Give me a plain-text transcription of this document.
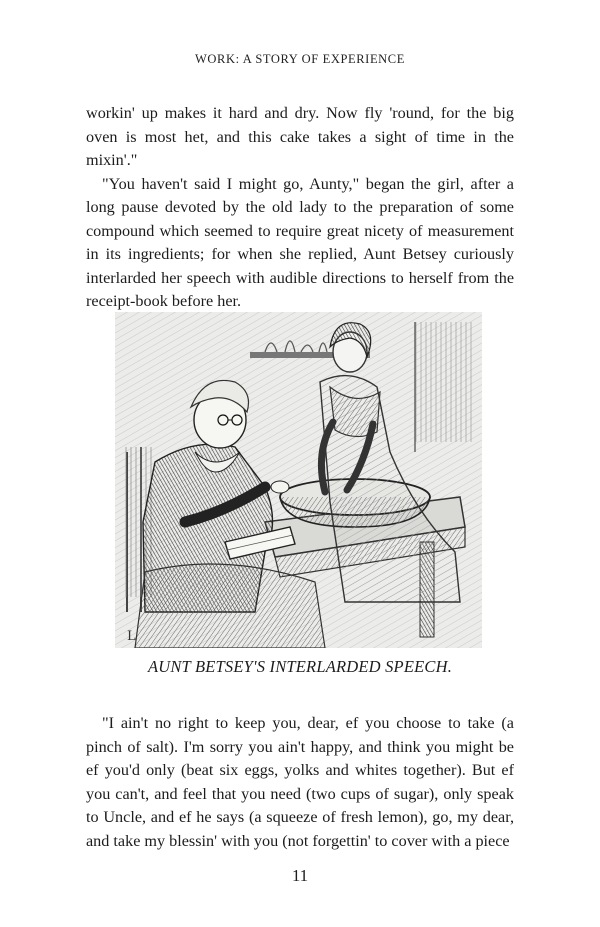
WORK: A STORY OF EXPERIENCE

workin' up makes it hard and dry. Now fly 'round, for the big oven is most het, and this cake takes a sight of time in the mixin'."

"You haven't said I might go, Aunty," began the girl, after a long pause devoted by the old lady to the preparation of some compound which seemed to require great nicety of measurement in its ingredients; for when she replied, Aunt Betsey curiously interlarded her speech with audible directions to herself from the receipt-book before her.

L
AUNT BETSEY'S INTERLARDED SPEECH.

"I ain't no right to keep you, dear, ef you choose to take (a pinch of salt). I'm sorry you ain't happy, and think you might be ef you'd only (beat six eggs, yolks and whites together). But ef you can't, and feel that you need (two cups of sugar), only speak to Uncle, and ef he says (a squeeze of fresh lemon), go, my dear, and take my blessin' with you (not forgettin' to cover with a piece

11
